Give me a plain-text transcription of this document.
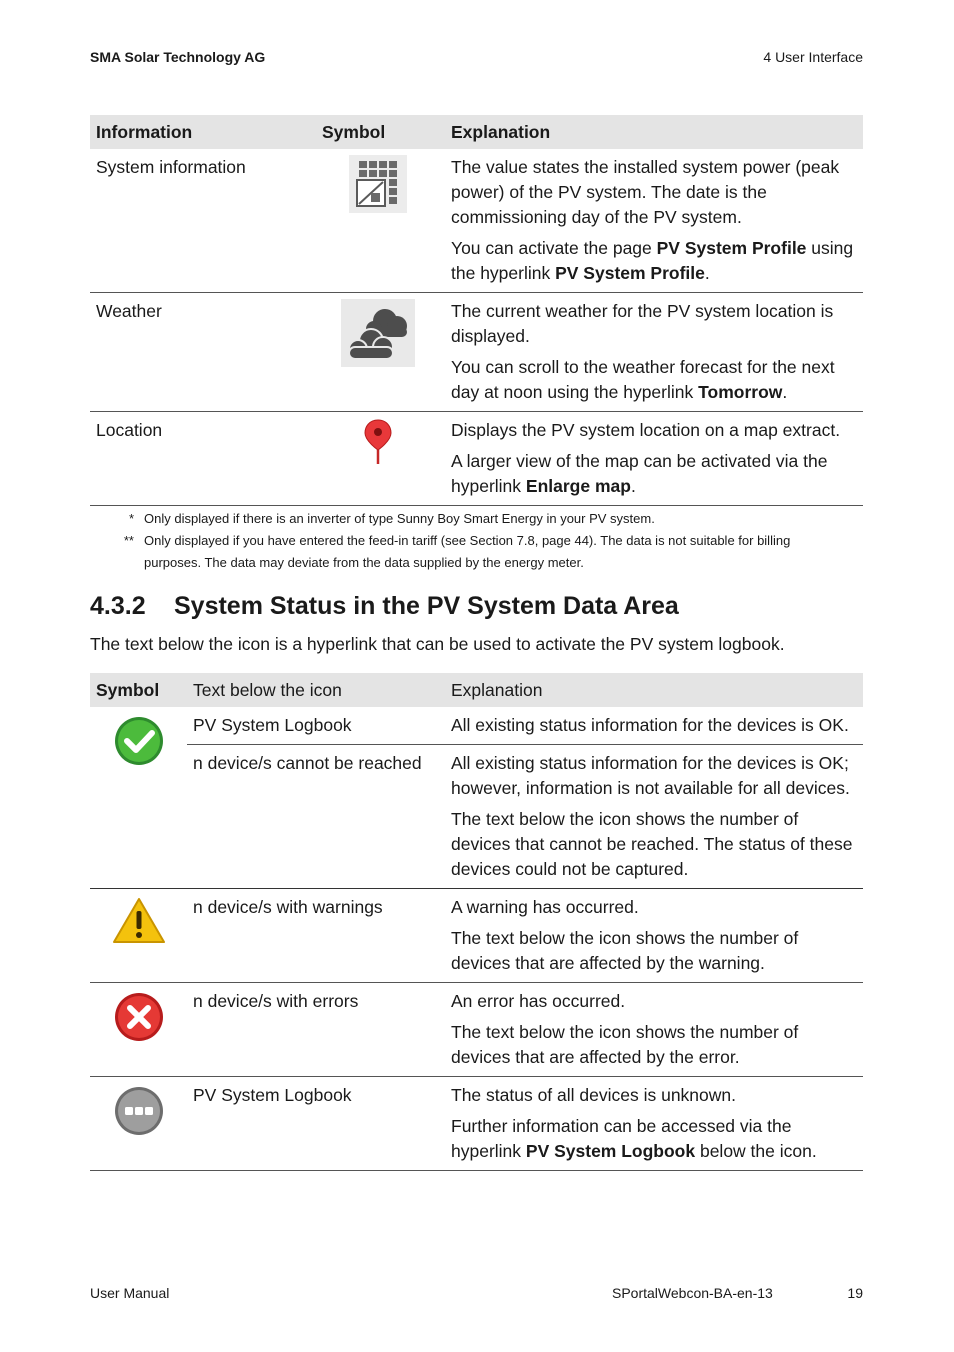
SMA Solar Technology AG	4 User Interface
Information	Symbol	Explanation
System information		The value states the installed system power (peak power) of the PV system. The date is the commissioning day of the PV system.

You can activate the page PV System Profile using the hyperlink PV System Profile.

Weather		The current weather for the PV system location is displayed.

You can scroll to the weather forecast for the next day at noon using the hyperlink Tomorrow.

Location		Displays the PV system location on a map extract.

A larger view of the map can be activated via the hyperlink Enlarge map.

* Only displayed if there is an inverter of type Sunny Boy Smart Energy in your PV system.
** Only displayed if you have entered the feed-in tariff (see Section 7.8, page 44). The data is not suitable for billing purposes. The data may deviate from the data supplied by the energy meter.
4.3.2 System Status in the PV System Data Area
The text below the icon is a hyperlink that can be used to activate the PV system logbook.
Symbol	Text below the icon	Explanation

	PV System Logbook	All existing status information for the devices is OK.
	n device/s cannot be reached	All existing status information for the devices is OK; however, information is not available for all devices.

The text below the icon shows the number of devices that cannot be reached. The status of these devices could not be captured.

	n device/s with warnings	A warning has occurred.

The text below the icon shows the number of devices that are affected by the warning.

	n device/s with errors	An error has occurred.

The text below the icon shows the number of devices that are affected by the error.

	PV System Logbook	The status of all devices is unknown.

Further information can be accessed via the hyperlink PV System Logbook below the icon.

User Manual	SPortalWebcon-BA-en-13	19
